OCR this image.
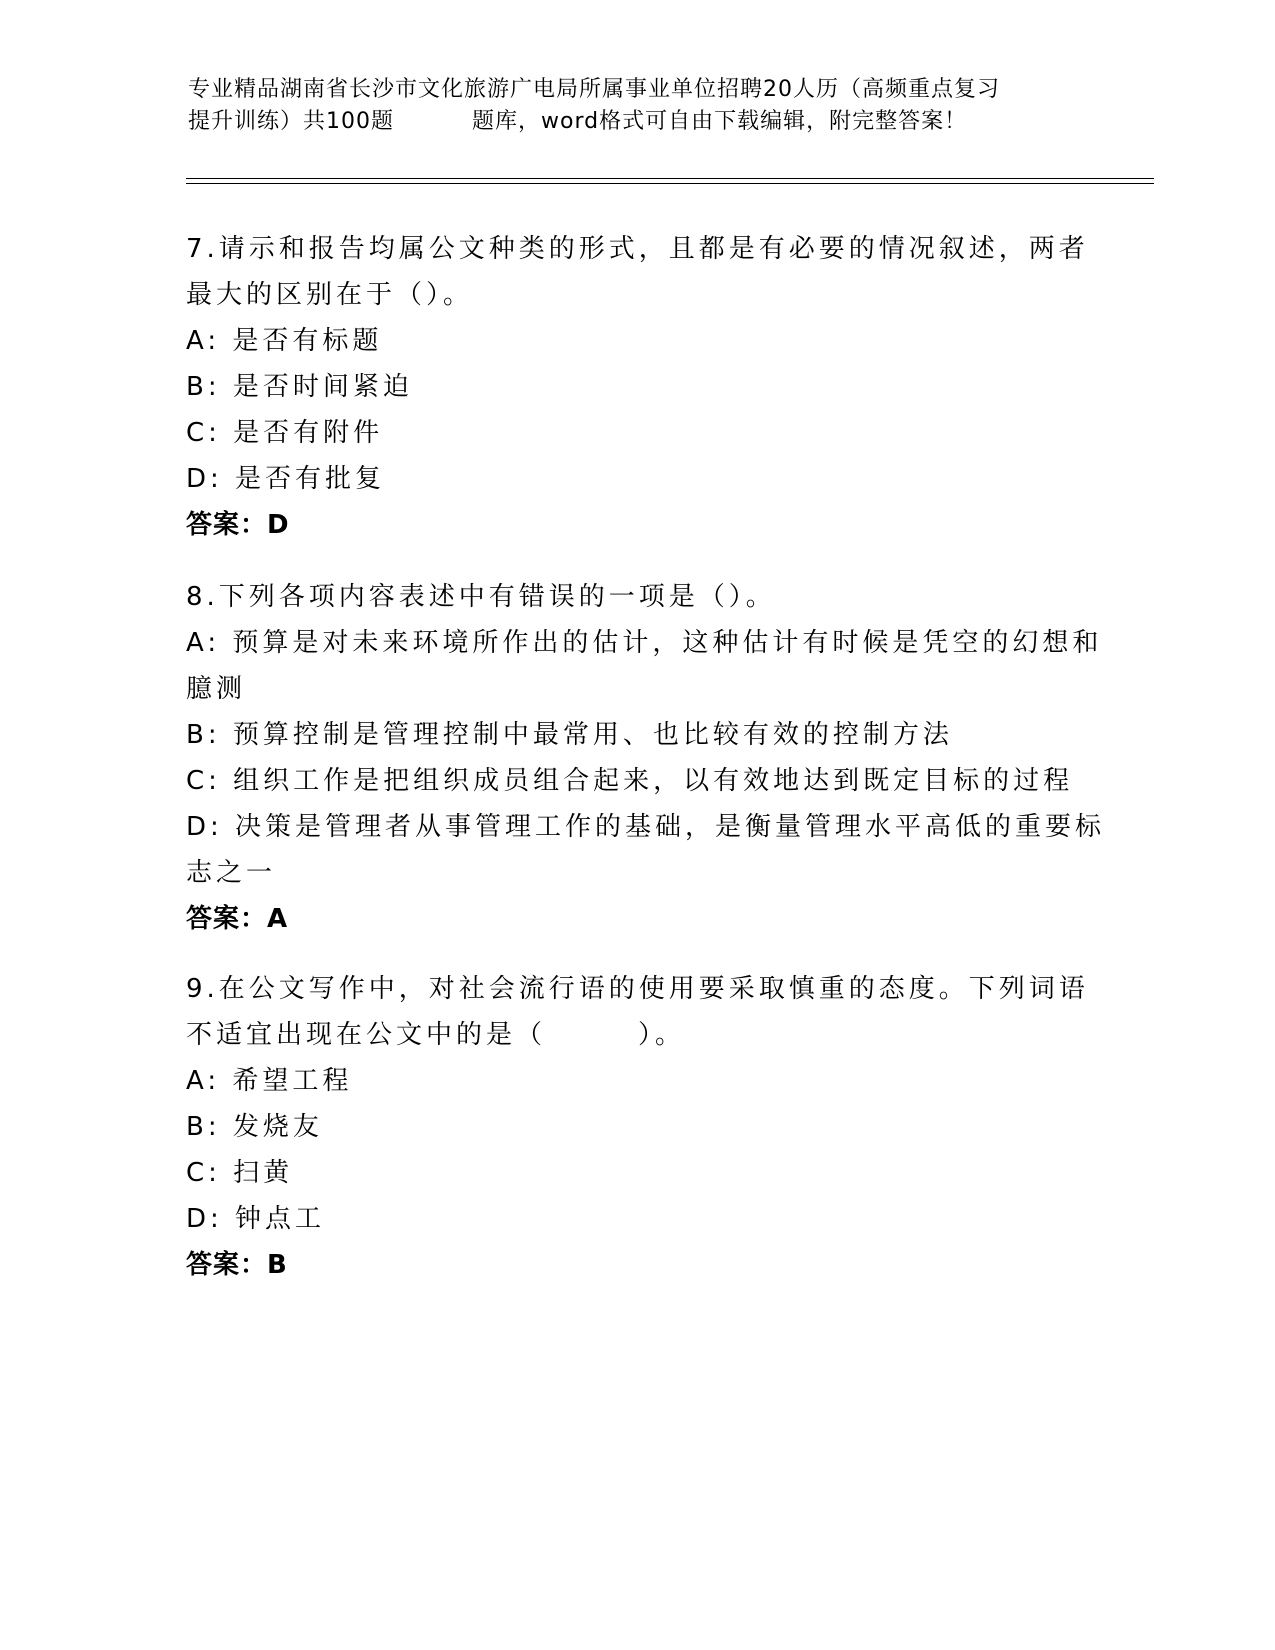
专业精品湖南省长沙市文化旅游广电局所属事业单位招聘20人历（高频重点复习
提升训练）共100题	题库，word格式可自由下载编辑，附完整答案！
7.请示和报告均属公文种类的形式，且都是有必要的情况叙述，两者
最大的区别在于（）。
A: 是否有标题
B: 是否时间紧迫
C: 是否有附件
D: 是否有批复
答案：D
8.下列各项内容表述中有错误的一项是（）。
A: 预算是对未来环境所作出的估计，这种估计有时候是凭空的幻想和
臆测
B: 预算控制是管理控制中最常用、也比较有效的控制方法
C: 组织工作是把组织成员组合起来，以有效地达到既定目标的过程
D: 决策是管理者从事管理工作的基础，是衡量管理水平高低的重要标
志之一
答案：A
9.在公文写作中，对社会流行语的使用要采取慎重的态度。下列词语
不适宜出现在公文中的是（	）。
A: 希望工程
B: 发烧友
C: 扫黄
D: 钟点工
答案：B
